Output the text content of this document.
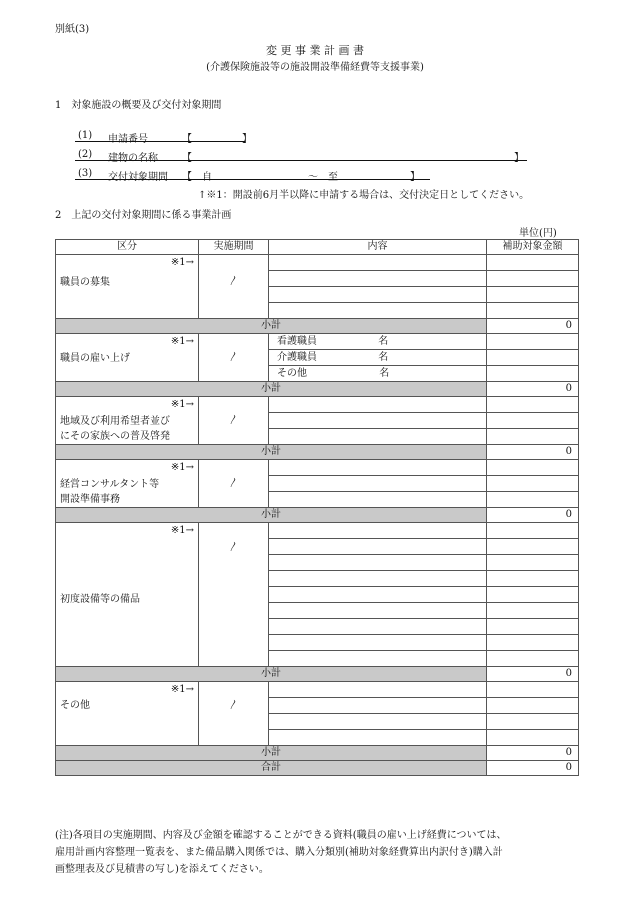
別紙(3)
変 更 事 業 計 画 書
(介護保険施設等の施設開設準備経費等支援事業)
1　対象施設の概要及び交付対象期間
(1) 申請番号	【　　　　　】
(2) 建物の名称 【	】
(3) 交付対象期間 【　自	～　至	】
↑※1：開設前6月半以降に申請する場合は、交付決定日としてください。
2　上記の交付対象期間に係る事業計画
単位(円)
区分	実施期間	内容	補助対象金額

※1→
職員の募集	〳		

小計			0

※1→
職員の雇い上げ	〳	看護職員 名	
		介護職員 名	
		その他 名	
小計			0

※1→
地域及び利用希望者並び
にその家族への普及啓発	〳		

小計			0

※1→
経営コンサルタント等
開設準備事務	〳		

小計			0

※1→
初度設備等の備品	〳		

小計			0

※1→
その他	〳		

小計			0
合計			0
(注)各項目の実施期間、内容及び金額を確認することができる資料(職員の雇い上げ経費については、
雇用計画内容整理一覧表を、また備品購入関係では、購入分類別(補助対象経費算出内訳付き)購入計
画整理表及び見積書の写し)を添えてください。
